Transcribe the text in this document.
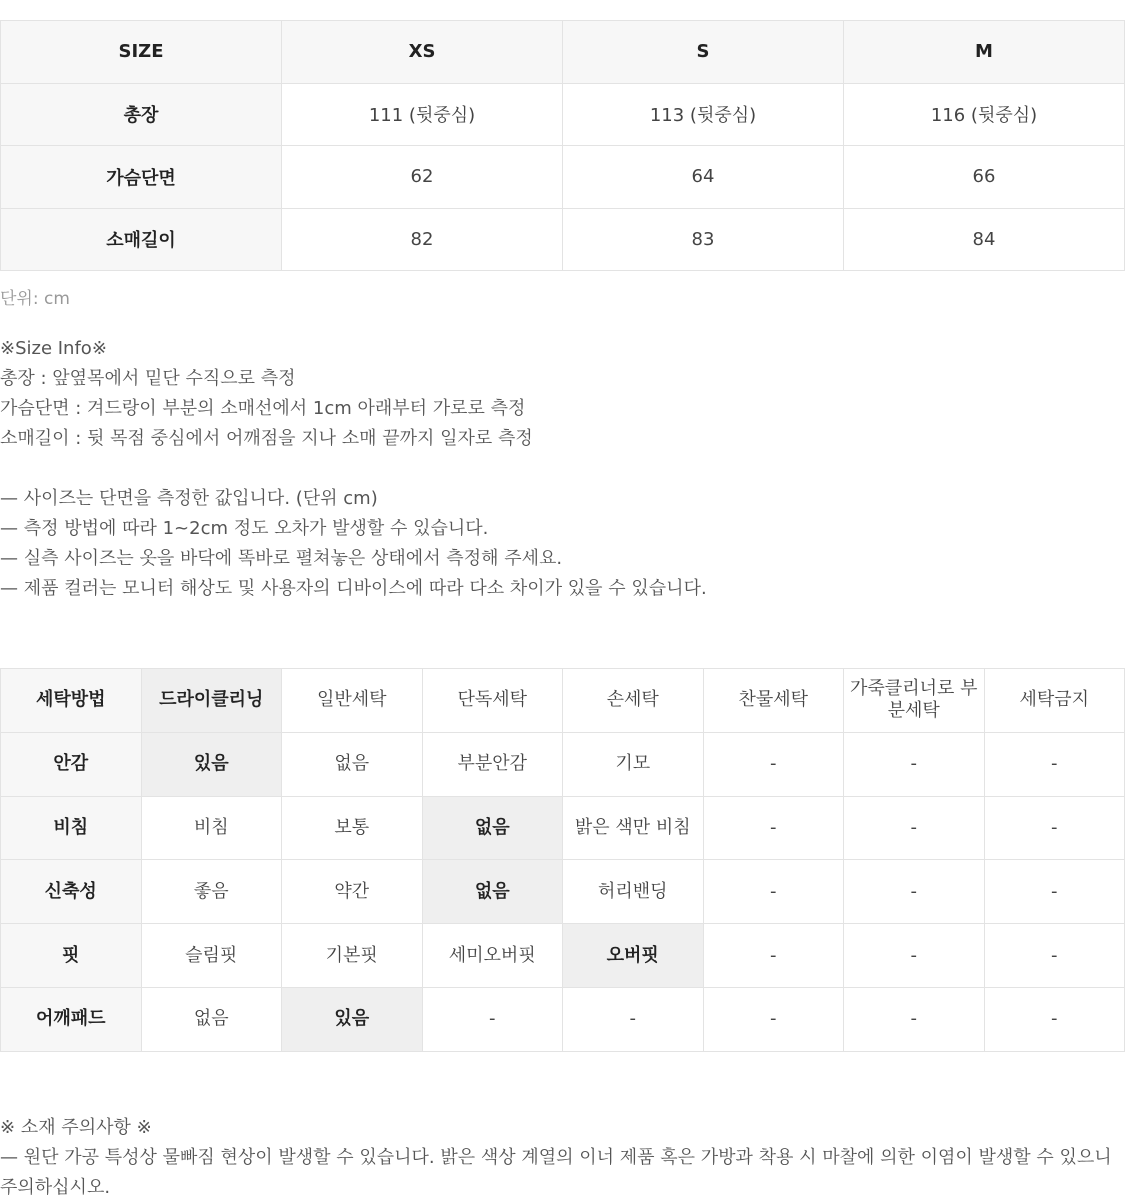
SIZE	XS	S	M
총장	111 (뒷중심)	113 (뒷중심)	116 (뒷중심)
가슴단면	62	64	66
소매길이	82	83	84
단위: cm
※Size Info※
총장 : 앞옆목에서 밑단 수직으로 측정
가슴단면 : 겨드랑이 부분의 소매선에서 1cm 아래부터 가로로 측정
소매길이 : 뒷 목점 중심에서 어깨점을 지나 소매 끝까지 일자로 측정
— 사이즈는 단면을 측정한 값입니다. (단위 cm)
— 측정 방법에 따라 1~2cm 정도 오차가 발생할 수 있습니다.
— 실측 사이즈는 옷을 바닥에 똑바로 펼쳐놓은 상태에서 측정해 주세요.
— 제품 컬러는 모니터 해상도 및 사용자의 디바이스에 따라 다소 차이가 있을 수 있습니다.
세탁방법	드라이클리닝	일반세탁	단독세탁	손세탁	찬물세탁	가죽클리너로 부분세탁	세탁금지
안감	있음	없음	부분안감	기모	-	-	-
비침	비침	보통	없음	밝은 색만 비침	-	-	-
신축성	좋음	약간	없음	허리밴딩	-	-	-
핏	슬림핏	기본핏	세미오버핏	오버핏	-	-	-
어깨패드	없음	있음	-	-	-	-	-
※ 소재 주의사항 ※
— 원단 가공 특성상 물빠짐 현상이 발생할 수 있습니다. 밝은 색상 계열의 이너 제품 혹은 가방과 착용 시 마찰에 의한 이염이 발생할 수 있으니 주의하십시오.
